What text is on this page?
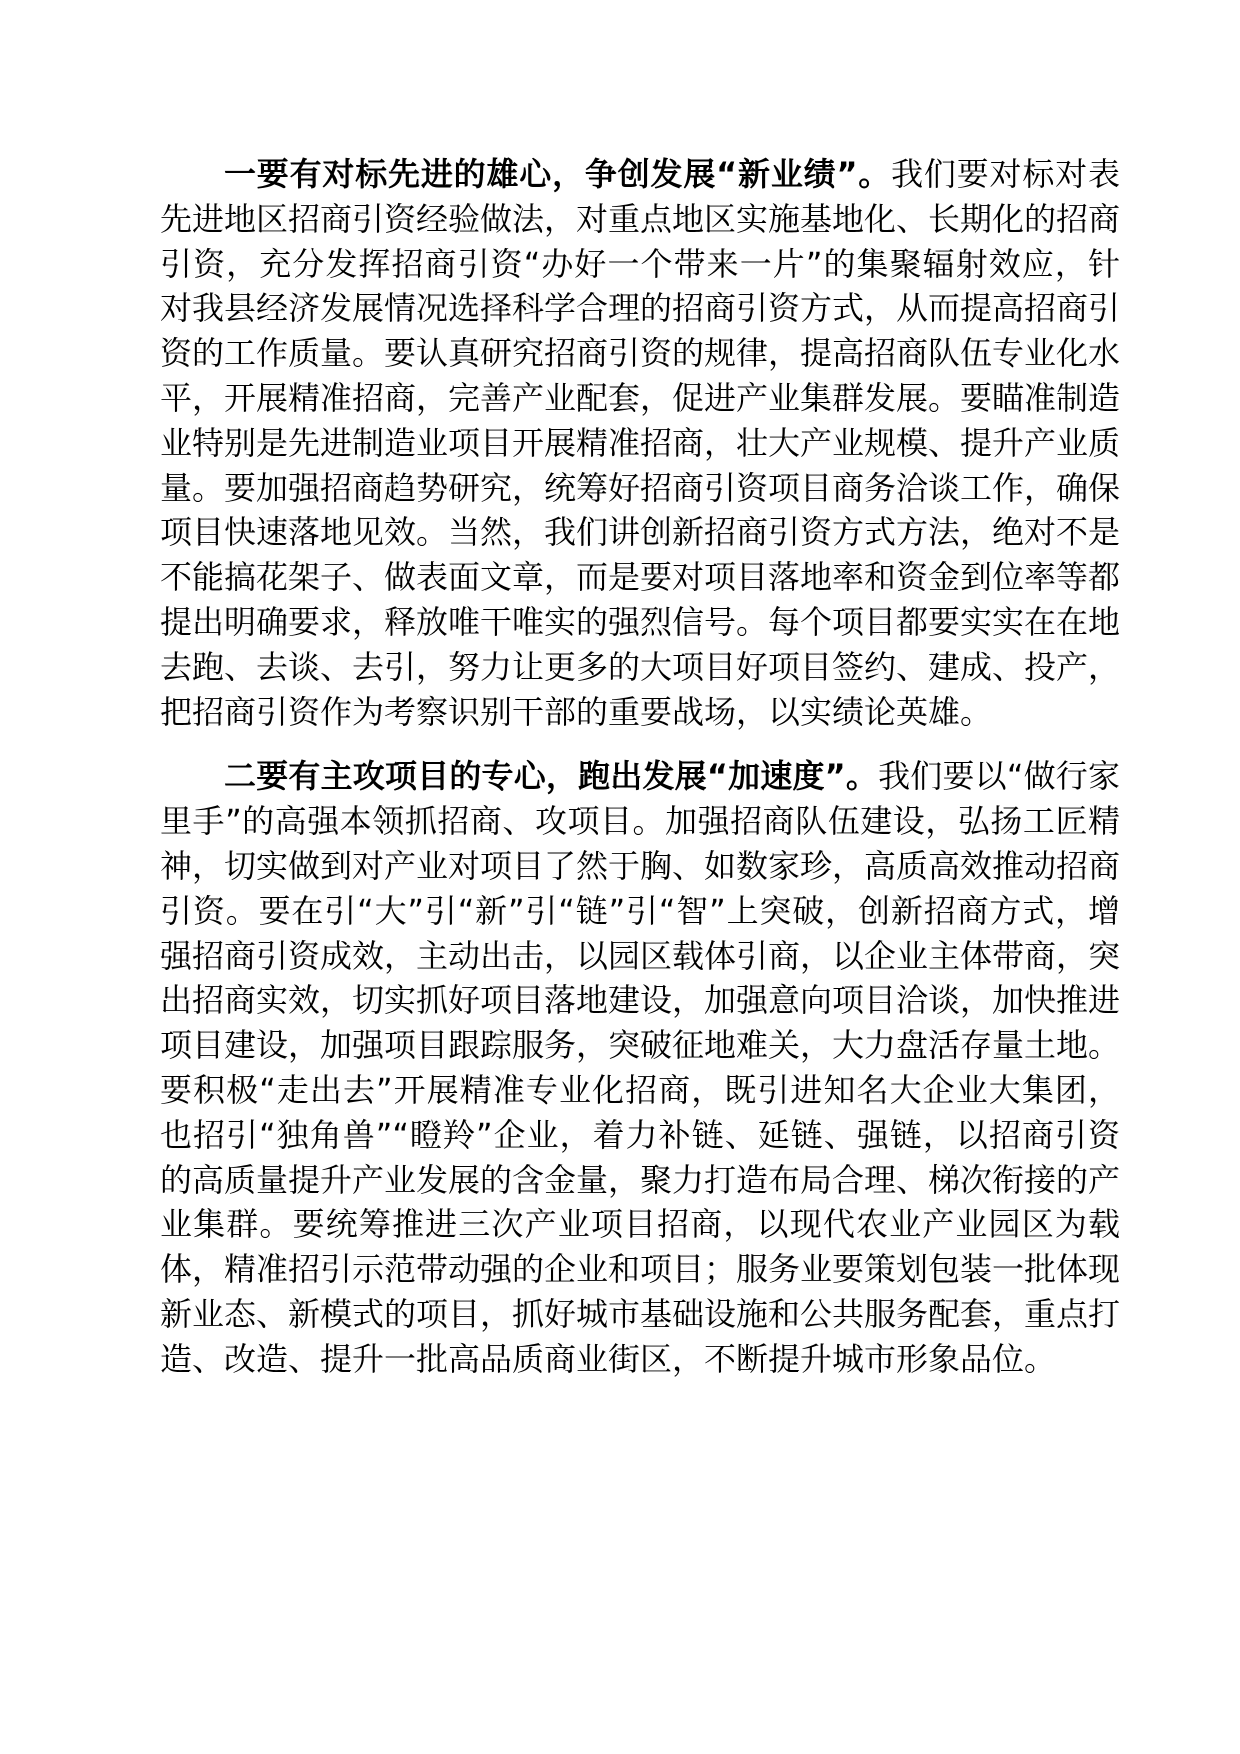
一要有对标先进的雄心，争创发展“新业绩”。我们要对标对表先进地区招商引资经验做法，对重点地区实施基地化、长期化的招商引资，充分发挥招商引资“办好一个带来一片”的集聚辐射效应，针对我县经济发展情况选择科学合理的招商引资方式，从而提高招商引资的工作质量。要认真研究招商引资的规律，提高招商队伍专业化水平，开展精准招商，完善产业配套，促进产业集群发展。要瞄准制造业特别是先进制造业项目开展精准招商，壮大产业规模、提升产业质量。要加强招商趋势研究，统筹好招商引资项目商务洽谈工作，确保项目快速落地见效。当然，我们讲创新招商引资方式方法，绝对不是不能搞花架子、做表面文章，而是要对项目落地率和资金到位率等都提出明确要求，释放唯干唯实的强烈信号。每个项目都要实实在在地去跑、去谈、去引，努力让更多的大项目好项目签约、建成、投产，把招商引资作为考察识别干部的重要战场，以实绩论英雄。

二要有主攻项目的专心，跑出发展“加速度”。我们要以“做行家里手”的高强本领抓招商、攻项目。加强招商队伍建设，弘扬工匠精神，切实做到对产业对项目了然于胸、如数家珍，高质高效推动招商引资。要在引“大”引“新”引“链”引“智”上突破，创新招商方式，增强招商引资成效，主动出击，以园区载体引商，以企业主体带商，突出招商实效，切实抓好项目落地建设，加强意向项目洽谈，加快推进项目建设，加强项目跟踪服务，突破征地难关，大力盘活存量土地。要积极“走出去”开展精准专业化招商，既引进知名大企业大集团，也招引“独角兽”“瞪羚”企业，着力补链、延链、强链，以招商引资的高质量提升产业发展的含金量，聚力打造布局合理、梯次衔接的产业集群。要统筹推进三次产业项目招商，以现代农业产业园区为载体，精准招引示范带动强的企业和项目；服务业要策划包装一批体现新业态、新模式的项目，抓好城市基础设施和公共服务配套，重点打造、改造、提升一批高品质商业街区，不断提升城市形象品位。
